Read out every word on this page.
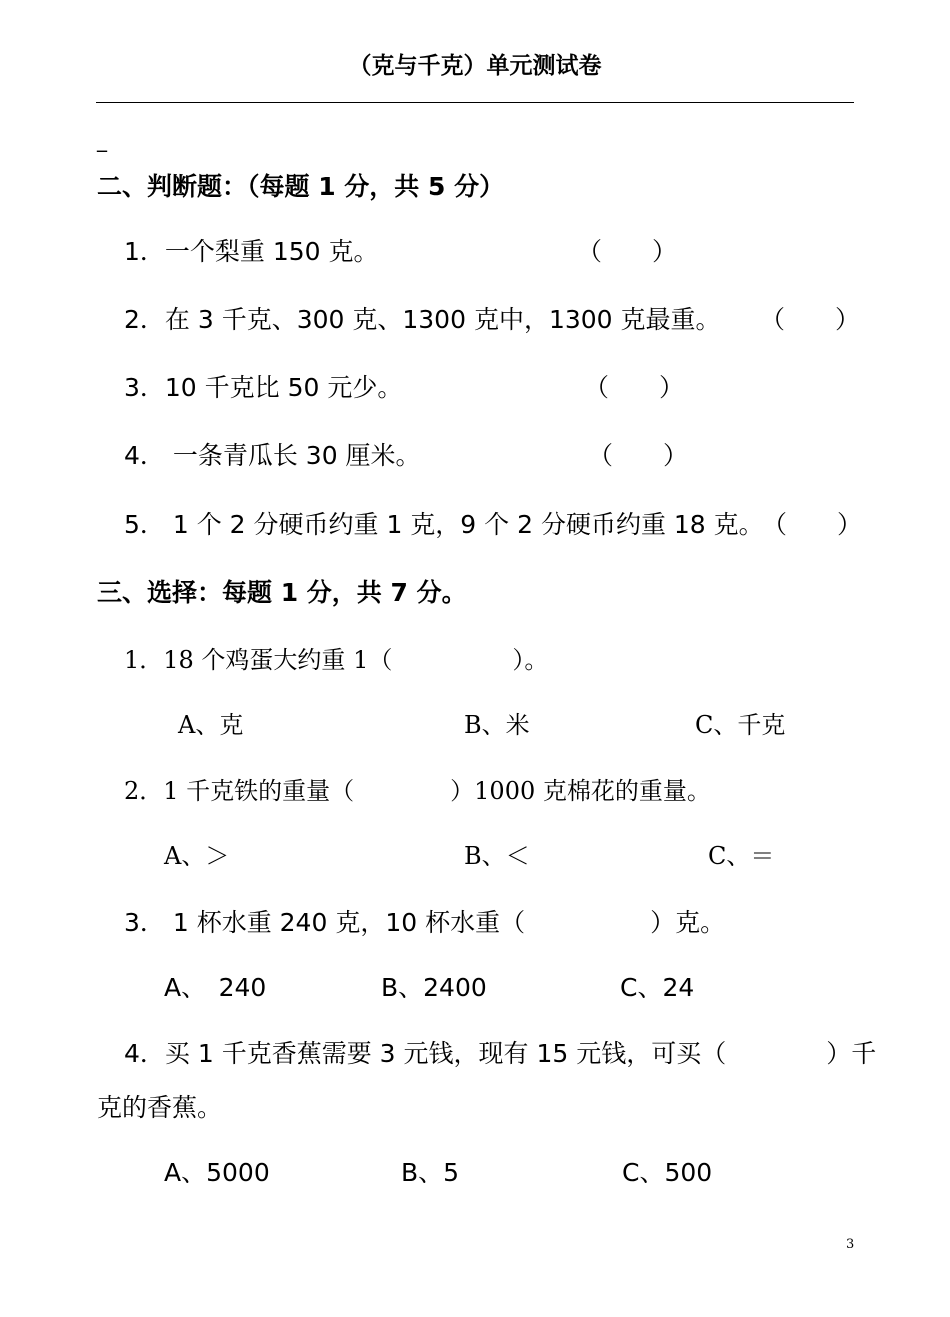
（克与千克）单元测试卷
_
二、判断题：（每题 1 分，共 5 分）
1．一个梨重 150 克。	（　　）
2．在 3 千克、300 克、1300 克中，1300 克最重。 （　　）
3．10 千克比 50 元少。	（　　）
4． 一条青瓜长 30 厘米。	（　　）
5． 1 个 2 分硬币约重 1 克，9 个 2 分硬币约重 18 克。
（　　）
三、选择：每题 1 分，共 7 分。
1．18 个鸡蛋大约重 1（　　　　　）。
A、克	B、米	C、千克
2．1 千克铁的重量（　　　　）1000 克棉花的重量。
A、＞	B、＜	C、＝
3． 1 杯水重 240 克，10 杯水重（　　　　　）克。
A、　240	B、2400	C、24
4．买 1 千克香蕉需要 3 元钱，现有 15 元钱，可买（　　　　）千
克的香蕉。
A、5000	B、5	C、500
3
